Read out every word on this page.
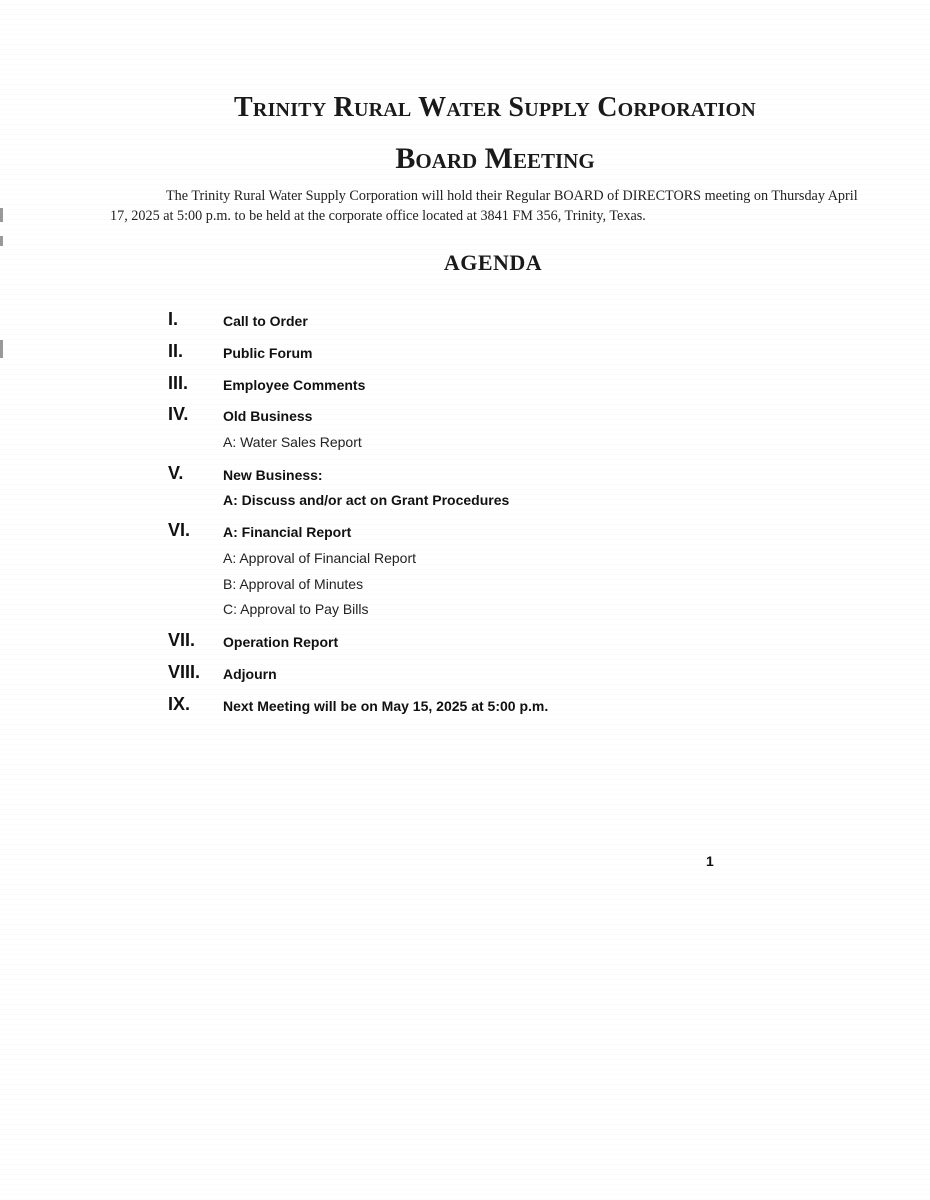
Trinity Rural Water Supply Corporation
Board Meeting

The Trinity Rural Water Supply Corporation will hold their Regular BOARD of DIRECTORS meeting on Thursday April 17, 2025 at 5:00 p.m. to be held at the corporate office located at 3841 FM 356, Trinity, Texas.

AGENDA
I.	Call to Order
II.	Public Forum
III. Employee Comments
IV. Old Business
A: Water Sales Report
V.	New Business:
A: Discuss and/or act on Grant Procedures
VI. A: Financial Report
A: Approval of Financial Report
B: Approval of Minutes
C: Approval to Pay Bills
VII. Operation Report
VIII. Adjourn
IX. Next Meeting will be on May 15, 2025 at 5:00 p.m.
1
